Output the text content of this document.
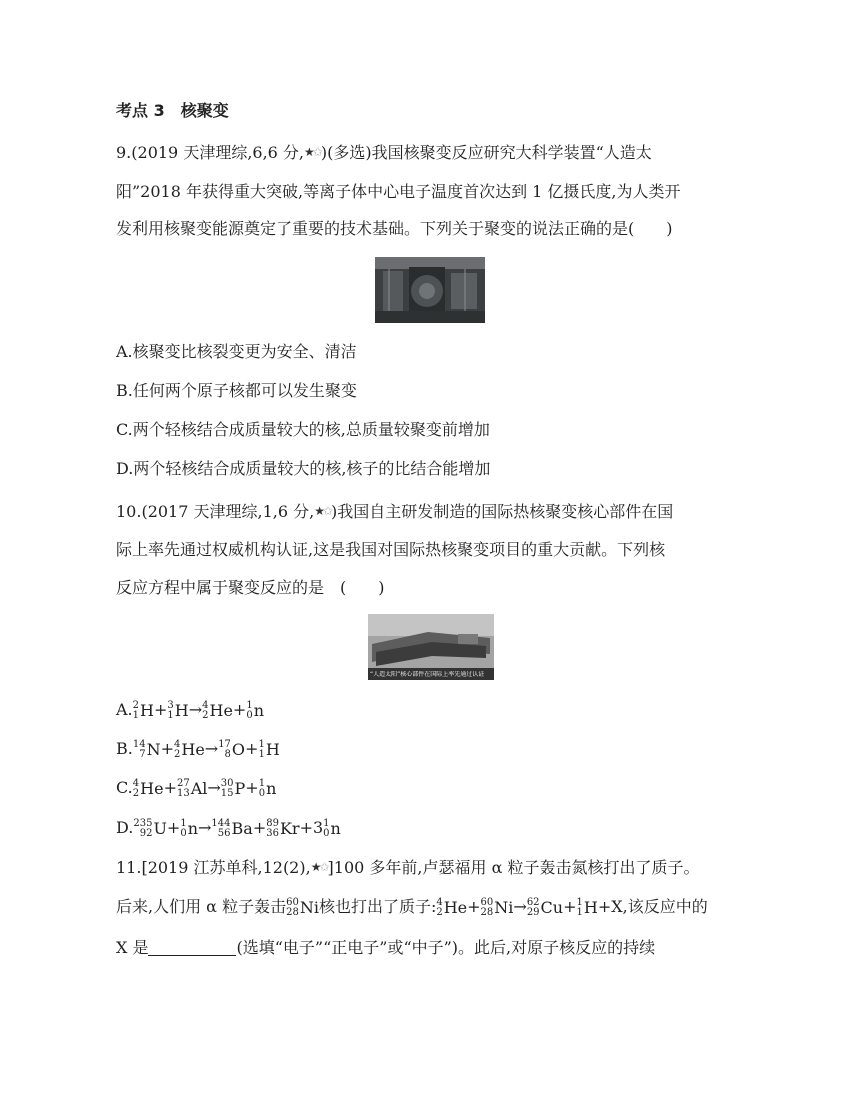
考点 3　核聚变
9.(2019 天津理综,6,6 分,★✩)(多选)我国核聚变反应研究大科学装置“人造太
阳”2018 年获得重大突破,等离子体中心电子温度首次达到 1 亿摄氏度,为人类开
发利用核聚变能源奠定了重要的技术基础。下列关于聚变的说法正确的是(　　)
A.核聚变比核裂变更为安全、清洁
B.任何两个原子核都可以发生聚变
C.两个轻核结合成质量较大的核,总质量较聚变前增加
D.两个轻核结合成质量较大的核,核子的比结合能增加
10.(2017 天津理综,1,6 分,★✩)我国自主研发制造的国际热核聚变核心部件在国
际上率先通过权威机构认证,这是我国对国际热核聚变项目的重大贡献。下列核
反应方程中属于聚变反应的是　(　　)
“人造太阳”核心部件在国际上率先通过认证
A. 2
1 H + 3
1 H → 4
2 He + 1
0 n
B. 14
7 N + 4
2 He → 17
8 O + 1
1 H
C. 4
2 He + 27
13 Al → 30
15 P + 1
0 n
D. 235
92 U + 1
0 n → 144
56 Ba + 89
36 Kr +3 1
0 n
11.[2019 江苏单科,12(2),★✩]100 多年前,卢瑟福用 α 粒子轰击氮核打出了质子。
后来,人们用 α 粒子轰击 60
28 Ni 核也打出了质子: 4
2 He + 60
28 Ni → 62
29 Cu + 1
1 H +X,该反应中的
X 是	(选填“电子”“正电子”或“中子”)。此后,对原子核反应的持续
